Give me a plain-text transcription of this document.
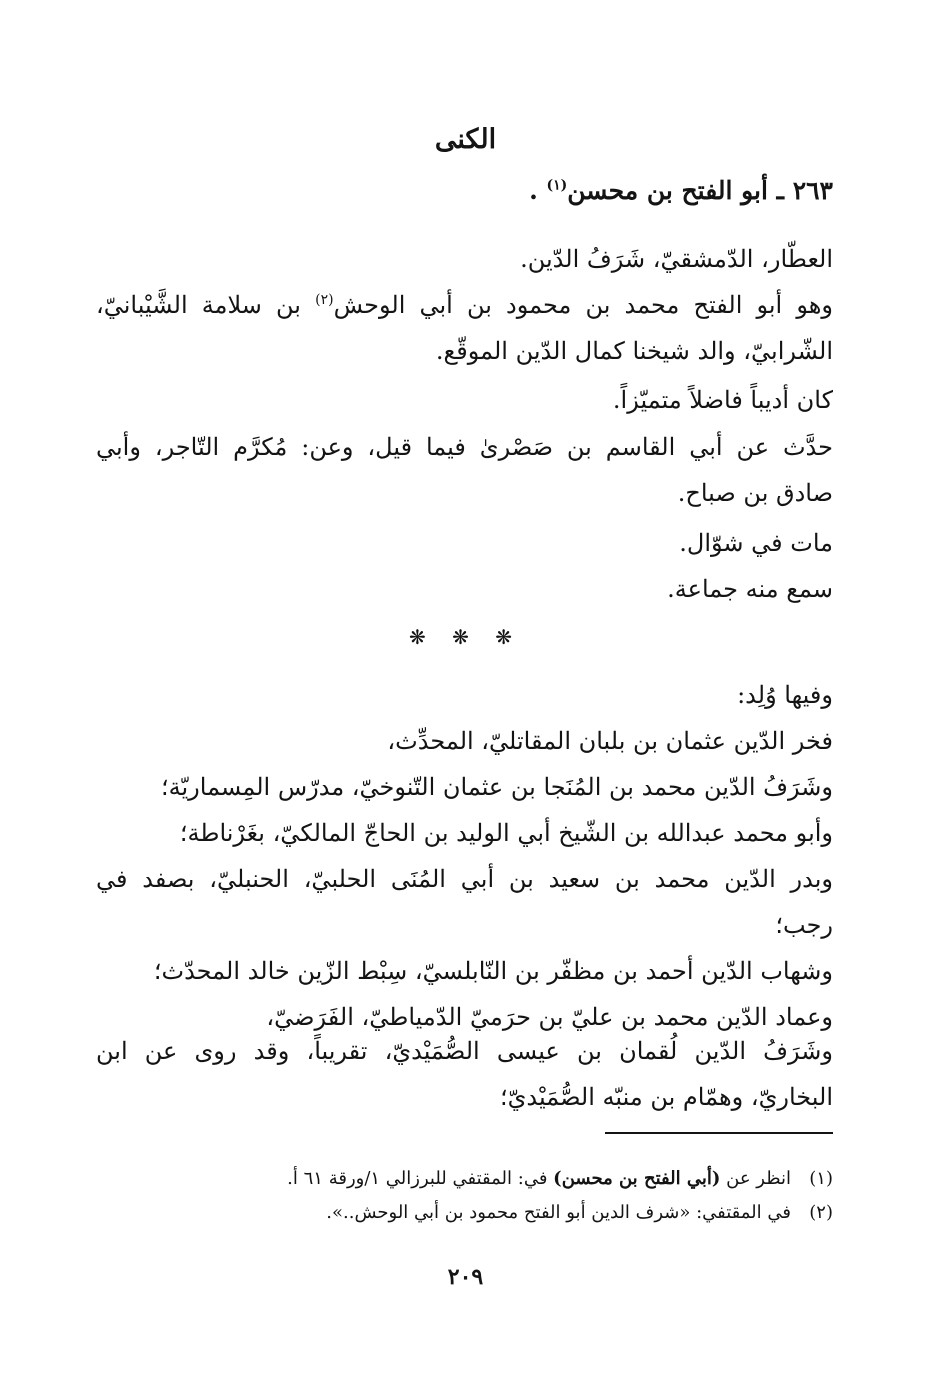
الكنى
٢٦٣ ـ أبو الفتح بن محسن$^{(١)}$ .
العطّار، الدّمشقيّ، شَرَفُ الدّين.
وهو أبو الفتح محمد بن محمود بن أبي الوحش$^{(٢)}$ بن سلامة الشَّيْبانيّ،
الشّرابيّ، والد شيخنا كمال الدّين الموقّع.
كان أديباً فاضلاً متميّزاً.
حدَّث عن أبي القاسم بن صَصْرىٰ فيما قيل، وعن: مُكرَّم التّاجر، وأبي
صادق بن صباح.
مات في شوّال.
سمع منه جماعة.
❋ ❋ ❋
وفيها وُلِد:
فخر الدّين عثمان بن بلبان المقاتليّ، المحدِّث،
وشَرَفُ الدّين محمد بن المُنَجا بن عثمان التّنوخيّ، مدرّس المِسماريّة؛
وأبو محمد عبدالله بن الشّيخ أبي الوليد بن الحاجّ المالكيّ، بغَرْناطة؛
وبدر الدّين محمد بن سعيد بن أبي المُنَى الحلبيّ، الحنبليّ، بصفد في
رجب؛
وشهاب الدّين أحمد بن مظفّر بن النّابلسيّ، سِبْط الزّين خالد المحدّث؛
وعماد الدّين محمد بن عليّ بن حرَميّ الدّمياطيّ، الفَرَضيّ،
وشَرَفُ الدّين لُقمان بن عيسى الصُّمَيْديّ، تقريباً، وقد روى عن ابن
البخاريّ، وهمّام بن منبّه الصُّمَيْديّ؛
(١)انظر عن (أبي الفتح بن محسن) في: المقتفي للبرزالي ١/ورقة ٦١ أ.
(٢)في المقتفي: «شرف الدين أبو الفتح محمود بن أبي الوحش..».
٢٠٩
